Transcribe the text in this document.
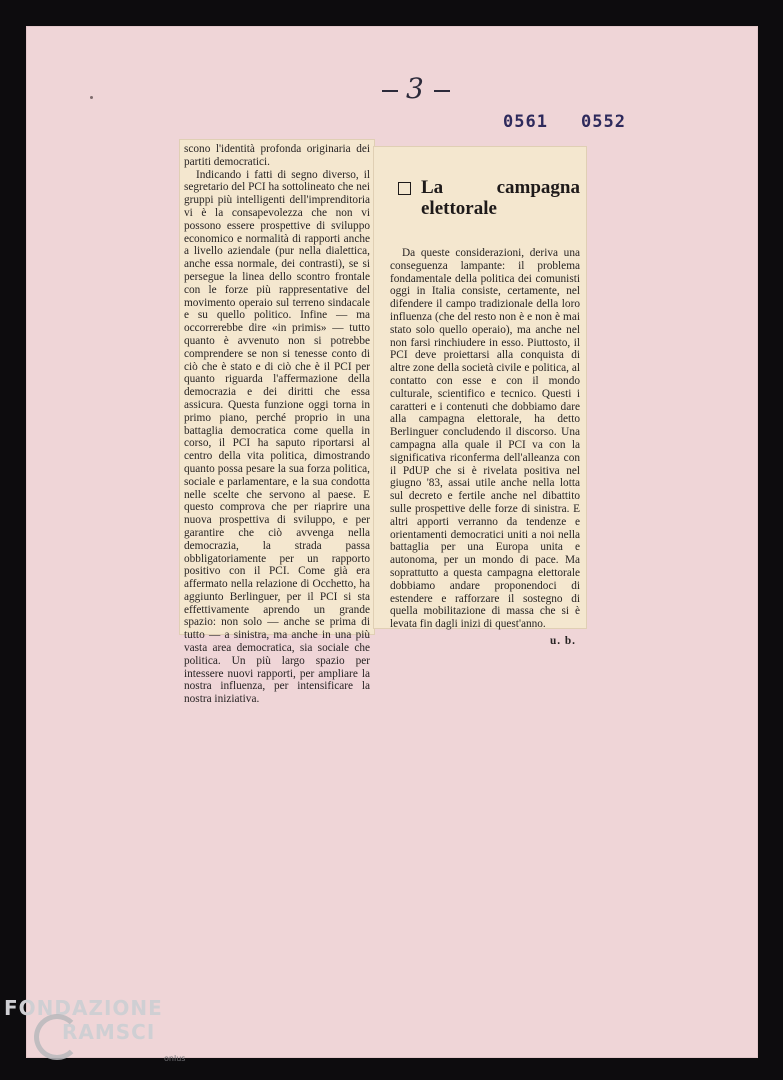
3
0561 0552

scono l'identità profonda originaria dei partiti democratici.

Indicando i fatti di segno diverso, il segretario del PCI ha sottolineato che nei gruppi più intelligenti dell'imprenditoria vi è la consapevolezza che non vi possono essere prospettive di sviluppo economico e normalità di rapporti anche a livello aziendale (pur nella dialettica, anche essa normale, dei contrasti), se si persegue la linea dello scontro frontale con le forze più rappresentative del movimento operaio sul terreno sindacale e su quello politico. Infine — ma occorrerebbe dire «in primis» — tutto quanto è avvenuto non si potrebbe comprendere se non si tenesse conto di ciò che è stato e di ciò che è il PCI per quanto riguarda l'affermazione della democrazia e dei diritti che essa assicura. Questa funzione oggi torna in primo piano, perché proprio in una battaglia democratica come quella in corso, il PCI ha saputo riportarsi al centro della vita politica, dimostrando quanto possa pesare la sua forza politica, sociale e parlamentare, e la sua condotta nelle scelte che servono al paese. E questo comprova che per riaprire una nuova prospettiva di sviluppo, e per garantire che ciò avvenga nella democrazia, la strada passa obbligatoriamente per un rapporto positivo con il PCI. Come già era affermato nella relazione di Occhetto, ha aggiunto Berlinguer, per il PCI si sta effettivamente aprendo un grande spazio: non solo — anche se prima di tutto — a sinistra, ma anche in una più vasta area democratica, sia sociale che politica. Un più largo spazio per intessere nuovi rapporti, per ampliare la nostra influenza, per intensificare la nostra iniziativa.

La campagna elettorale

Da queste considerazioni, deriva una conseguenza lampante: il problema fondamentale della politica dei comunisti oggi in Italia consiste, certamente, nel difendere il campo tradizionale della loro influenza (che del resto non è e non è mai stato solo quello operaio), ma anche nel non farsi rinchiudere in esso. Piuttosto, il PCI deve proiettarsi alla conquista di altre zone della società civile e politica, al contatto con esse e con il mondo culturale, scientifico e tecnico. Questi i caratteri e i contenuti che dobbiamo dare alla campagna elettorale, ha detto Berlinguer concludendo il discorso. Una campagna alla quale il PCI va con la significativa riconferma dell'alleanza con il PdUP che si è rivelata positiva nel giugno '83, assai utile anche nella lotta sul decreto e fertile anche nel dibattito sulle prospettive delle forze di sinistra. E altri apporti verranno da tendenze e orientamenti democratici uniti a noi nella battaglia per una Europa unita e autonoma, per un mondo di pace. Ma soprattutto a questa campagna elettorale dobbiamo andare proponendoci di estendere e rafforzare il sostegno di quella mobilitazione di massa che si è levata fin dagli inizi di quest'anno.

u. b.
FONDAZIONE
RAMSCI
onlus
